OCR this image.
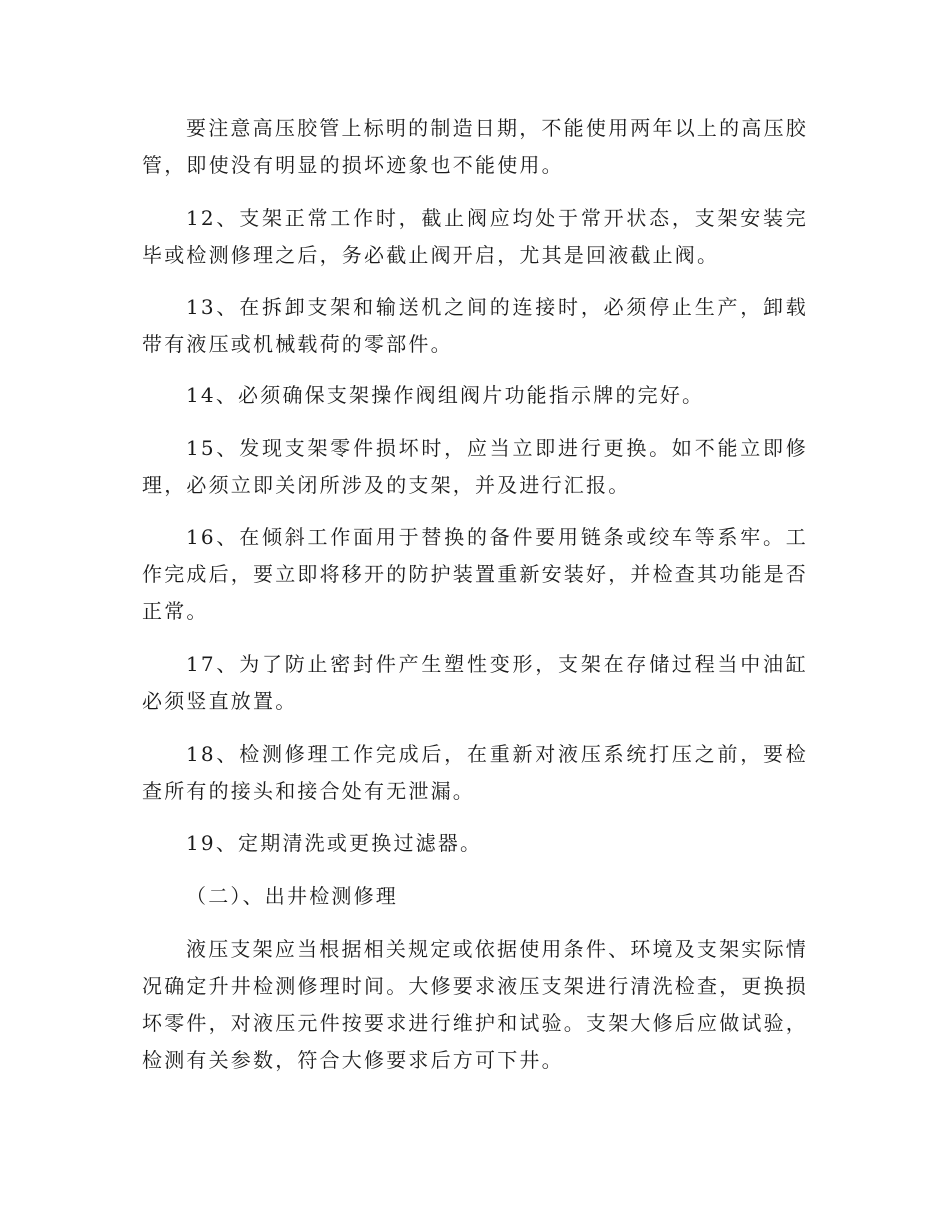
要注意高压胶管上标明的制造日期，不能使用两年以上的高压胶管，即使没有明显的损坏迹象也不能使用。

12、支架正常工作时，截止阀应均处于常开状态，支架安装完毕或检测修理之后，务必截止阀开启，尤其是回液截止阀。

13、在拆卸支架和输送机之间的连接时，必须停止生产，卸载带有液压或机械载荷的零部件。

14、必须确保支架操作阀组阀片功能指示牌的完好。

15、发现支架零件损坏时，应当立即进行更换。如不能立即修理，必须立即关闭所涉及的支架，并及进行汇报。

16、在倾斜工作面用于替换的备件要用链条或绞车等系牢。工作完成后，要立即将移开的防护装置重新安装好，并检查其功能是否正常。

17、为了防止密封件产生塑性变形，支架在存储过程当中油缸必须竖直放置。

18、检测修理工作完成后，在重新对液压系统打压之前，要检查所有的接头和接合处有无泄漏。

19、定期清洗或更换过滤器。

（二）、出井检测修理

液压支架应当根据相关规定或依据使用条件、环境及支架实际情况确定升井检测修理时间。大修要求液压支架进行清洗检查，更换损坏零件，对液压元件按要求进行维护和试验。支架大修后应做试验，检测有关参数，符合大修要求后方可下井。
